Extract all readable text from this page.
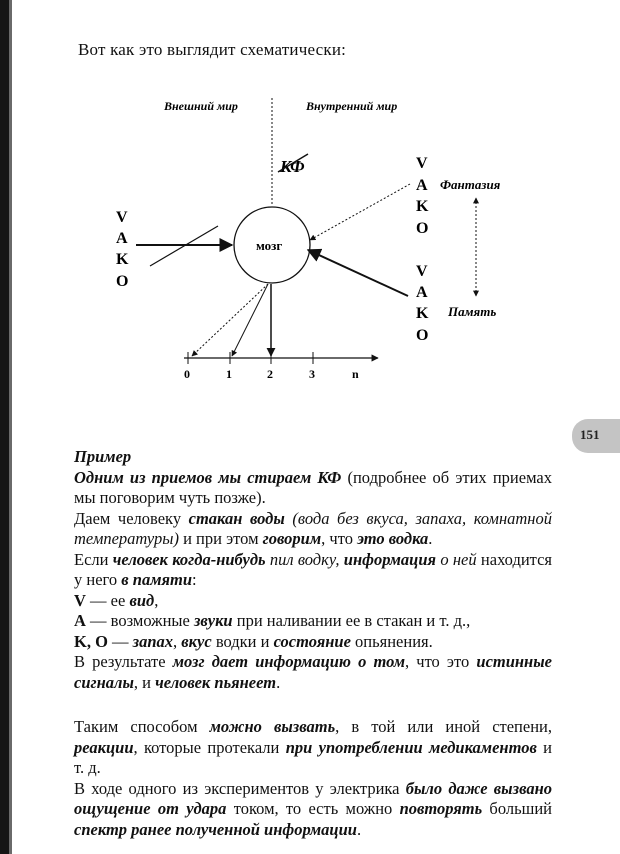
Вот как это выглядит схематически:
Внешний мир	Внутренний мир
КФ
мозг
V
A
K
O
V
A
K
O
V
A
K
O
Фантазия
Память
0	1	2	3	n
151

Пример

Одним из приемов мы стираем КФ (подробнее об этих приемах мы поговорим чуть позже).

Даем человеку стакан воды (вода без вкуса, запаха, комнатной температуры) и при этом говорим, что это водка.

Если человек когда-нибудь пил водку, информация о ней находится у него в памяти:

V — ее вид,

A — возможные звуки при наливании ее в стакан и т. д.,

K, O — запах, вкус водки и состояние опьянения.

В результате мозг дает информацию о том, что это истинные сигналы, и человек пьянеет.

Таким способом можно вызвать, в той или иной степени, реакции, которые протекали при употреблении медикаментов и т. д.

В ходе одного из экспериментов у электрика было даже вызвано ощущение от удара током, то есть можно повторять больший спектр ранее полученной информации.
